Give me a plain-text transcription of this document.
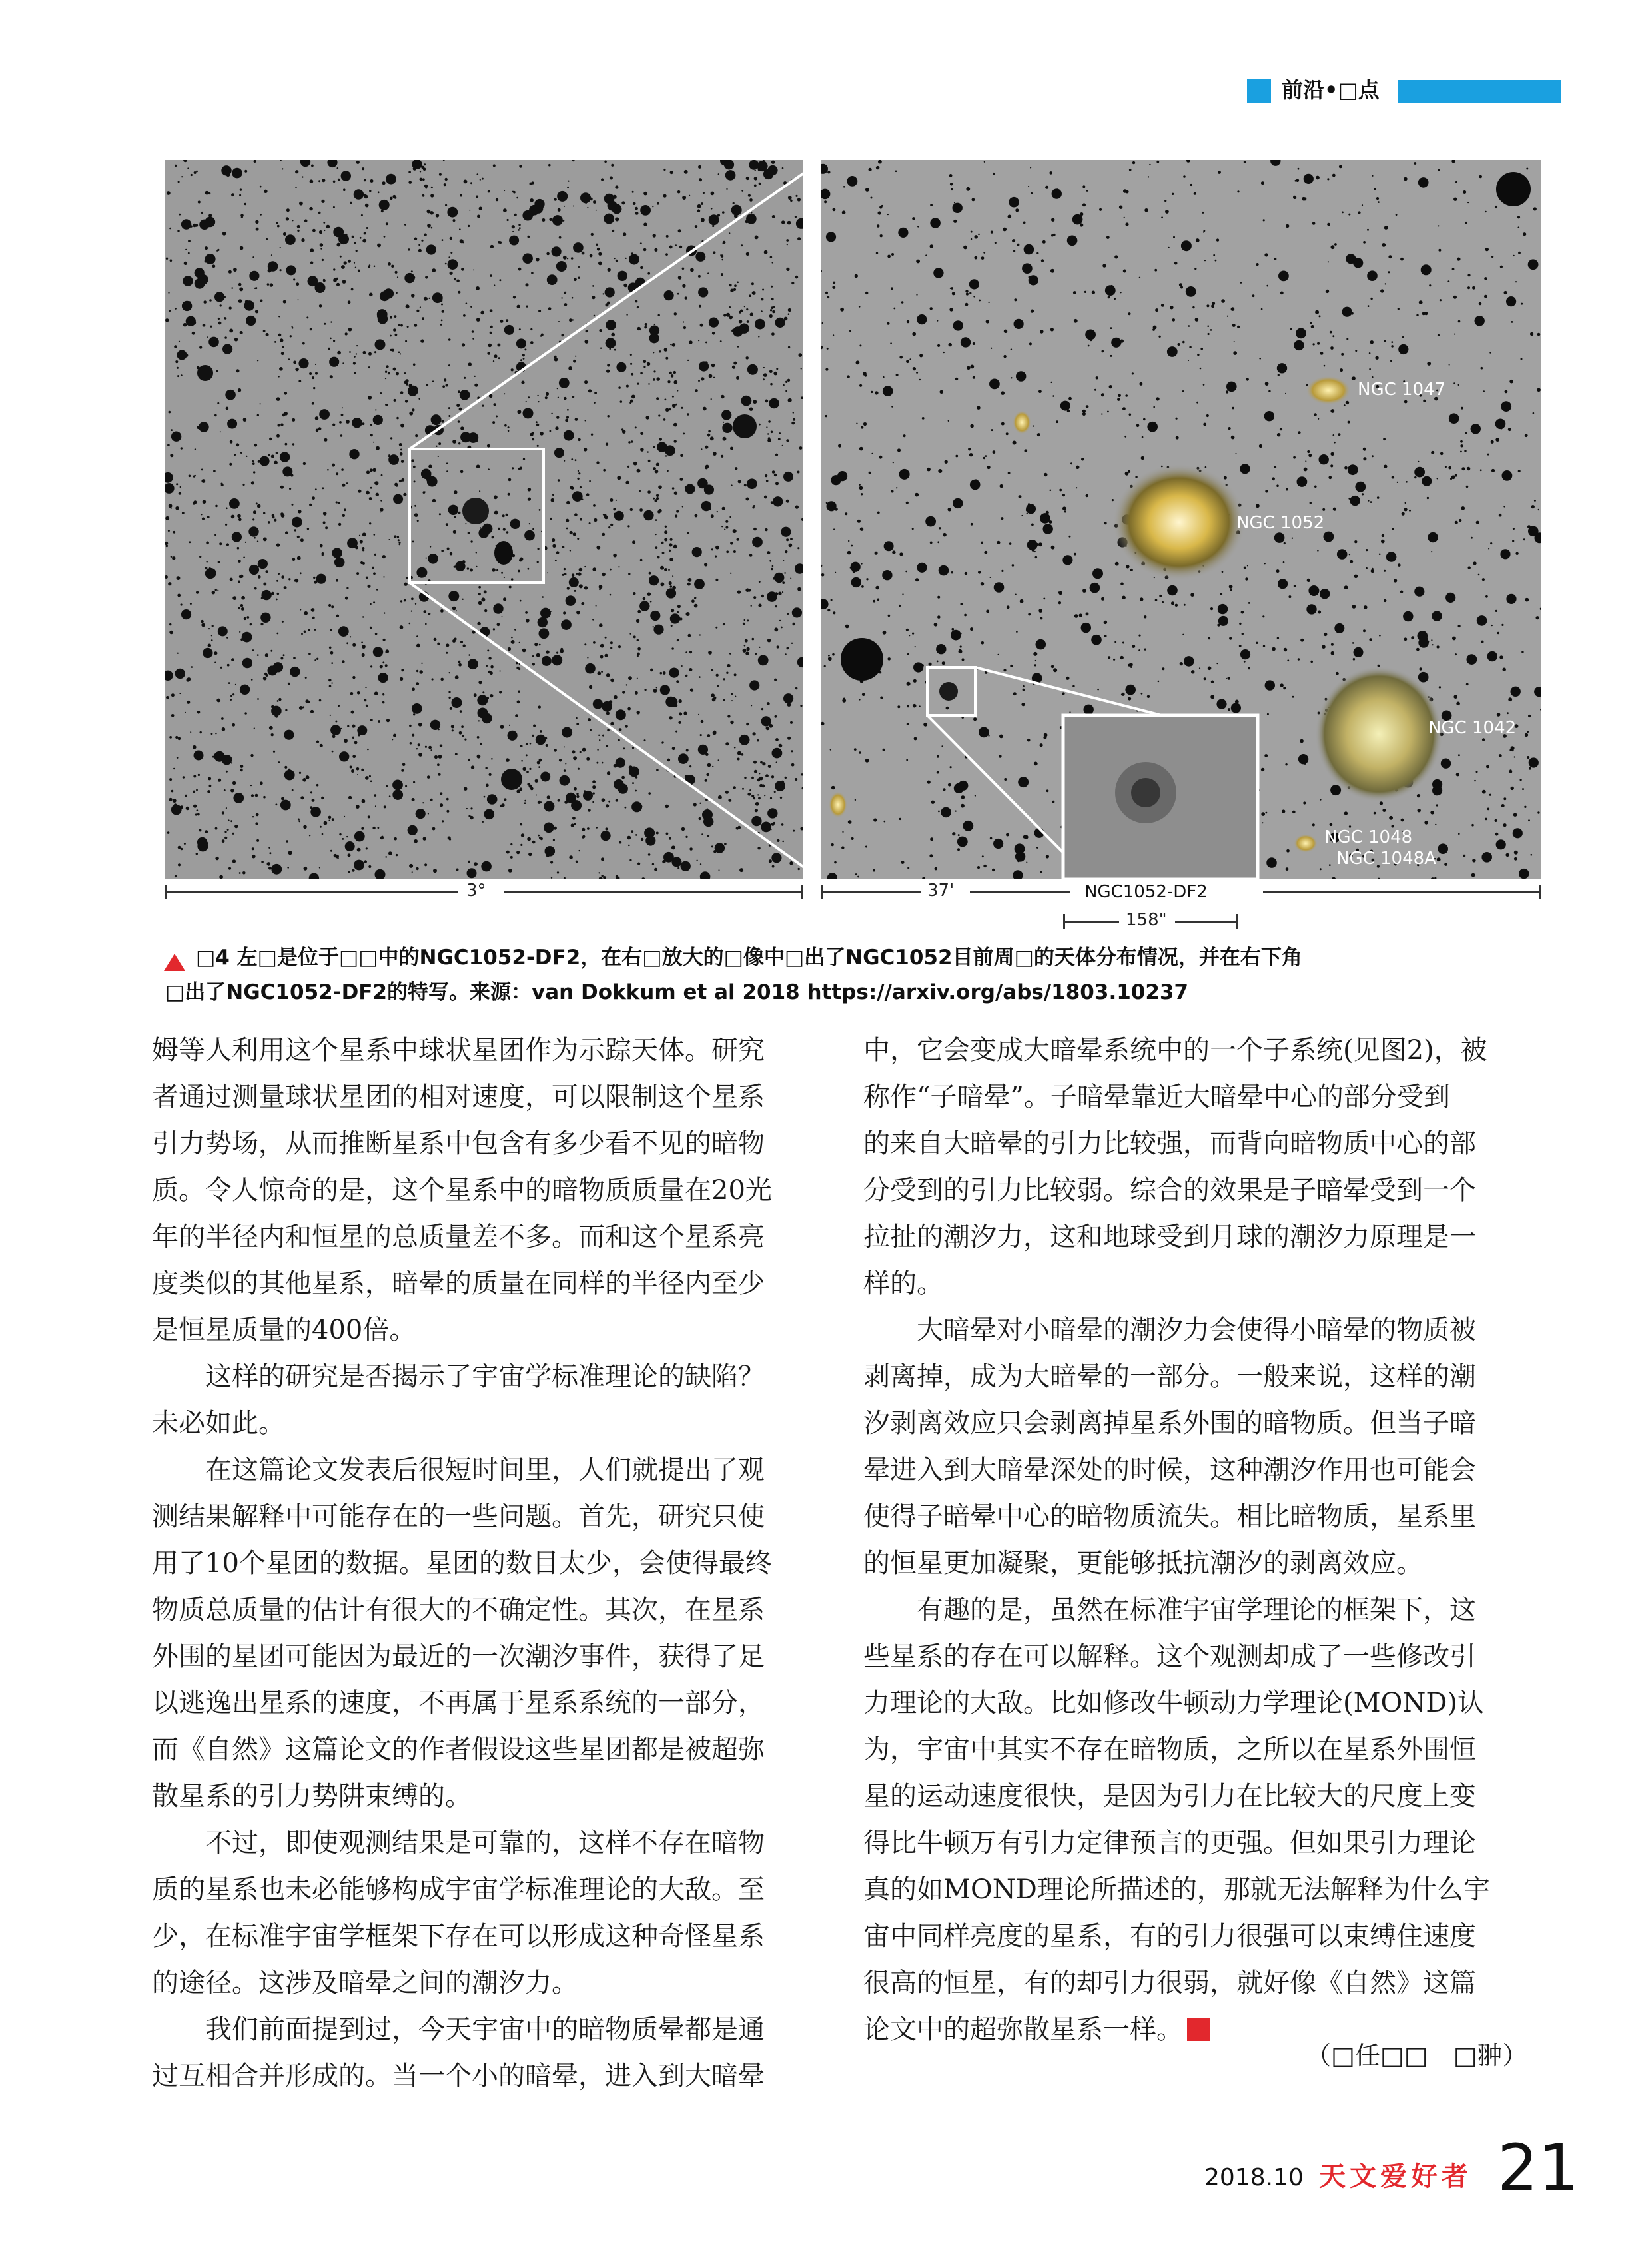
前沿•□点
NGC 1047
NGC 1052
NGC 1042
NGC 1048
NGC 1048A
NGC1052-DF2
3°	37'
158"
□4 左□是位于□□中的NGC1052-DF2，在右□放大的□像中□出了NGC1052目前周□的天体分布情况，并在右下角
□出了NGC1052-DF2的特写。来源：van Dokkum et al 2018 https://arxiv.org/abs/1803.10237

姆等人利用这个星系中球状星团作为示踪天体。研究

者通过测量球状星团的相对速度，可以限制这个星系

引力势场，从而推断星系中包含有多少看不见的暗物

质。令人惊奇的是，这个星系中的暗物质质量在20光

年的半径内和恒星的总质量差不多。而和这个星系亮

度类似的其他星系，暗晕的质量在同样的半径内至少

是恒星质量的400倍。

这样的研究是否揭示了宇宙学标准理论的缺陷？

未必如此。

在这篇论文发表后很短时间里，人们就提出了观

测结果解释中可能存在的一些问题。首先，研究只使

用了10个星团的数据。星团的数目太少，会使得最终

物质总质量的估计有很大的不确定性。其次，在星系

外围的星团可能因为最近的一次潮汐事件，获得了足

以逃逸出星系的速度，不再属于星系系统的一部分，

而《自然》这篇论文的作者假设这些星团都是被超弥

散星系的引力势阱束缚的。

不过，即使观测结果是可靠的，这样不存在暗物

质的星系也未必能够构成宇宙学标准理论的大敌。至

少，在标准宇宙学框架下存在可以形成这种奇怪星系

的途径。这涉及暗晕之间的潮汐力。

我们前面提到过，今天宇宙中的暗物质晕都是通

过互相合并形成的。当一个小的暗晕，进入到大暗晕

中，它会变成大暗晕系统中的一个子系统(见图2)，被

称作“子暗晕”。子暗晕靠近大暗晕中心的部分受到

的来自大暗晕的引力比较强，而背向暗物质中心的部

分受到的引力比较弱。综合的效果是子暗晕受到一个

拉扯的潮汐力，这和地球受到月球的潮汐力原理是一

样的。

大暗晕对小暗晕的潮汐力会使得小暗晕的物质被

剥离掉，成为大暗晕的一部分。一般来说，这样的潮

汐剥离效应只会剥离掉星系外围的暗物质。但当子暗

晕进入到大暗晕深处的时候，这种潮汐作用也可能会

使得子暗晕中心的暗物质流失。相比暗物质，星系里

的恒星更加凝聚，更能够抵抗潮汐的剥离效应。

有趣的是，虽然在标准宇宙学理论的框架下，这

些星系的存在可以解释。这个观测却成了一些修改引

力理论的大敌。比如修改牛顿动力学理论(MOND)认

为，宇宙中其实不存在暗物质，之所以在星系外围恒

星的运动速度很快，是因为引力在比较大的尺度上变

得比牛顿万有引力定律预言的更强。但如果引力理论

真的如MOND理论所描述的，那就无法解释为什么宇

宙中同样亮度的星系，有的引力很强可以束缚住速度

很高的恒星，有的却引力很弱，就好像《自然》这篇

论文中的超弥散星系一样。

（□任□□　□翀）
2018.10 天文爱好者 21
